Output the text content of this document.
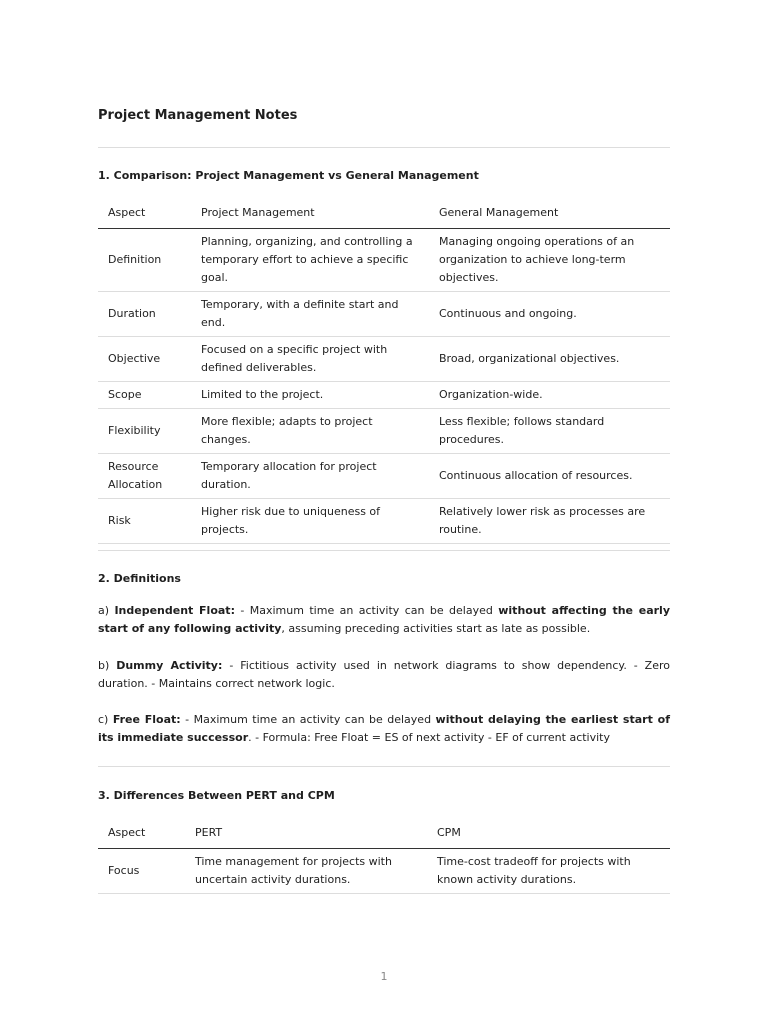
Project Management Notes
1. Comparison: Project Management vs General Management
Aspect	Project Management	General Management
Definition	Planning, organizing, and controlling a temporary effort to achieve a specific goal.	Managing ongoing operations of an organization to achieve long-term objectives.
Duration	Temporary, with a definite start and end.	Continuous and ongoing.
Objective	Focused on a specific project with defined deliverables.	Broad, organizational objectives.
Scope	Limited to the project.	Organization-wide.
Flexibility	More flexible; adapts to project changes.	Less flexible; follows standard procedures.
Resource Allocation	Temporary allocation for project duration.	Continuous allocation of resources.
Risk	Higher risk due to uniqueness of projects.	Relatively lower risk as processes are routine.
2. Definitions

a) Independent Float: - Maximum time an activity can be delayed without affecting the early start of any following activity, assuming preceding activities start as late as possible.

b) Dummy Activity: - Fictitious activity used in network diagrams to show dependency. - Zero duration. - Maintains correct network logic.

c) Free Float: - Maximum time an activity can be delayed without delaying the earliest start of its immediate successor. - Formula: Free Float = ES of next activity - EF of current activity

3. Differences Between PERT and CPM
Aspect	PERT	CPM
Focus	Time management for projects with uncertain activity durations.	Time-cost tradeoff for projects with known activity durations.
1
